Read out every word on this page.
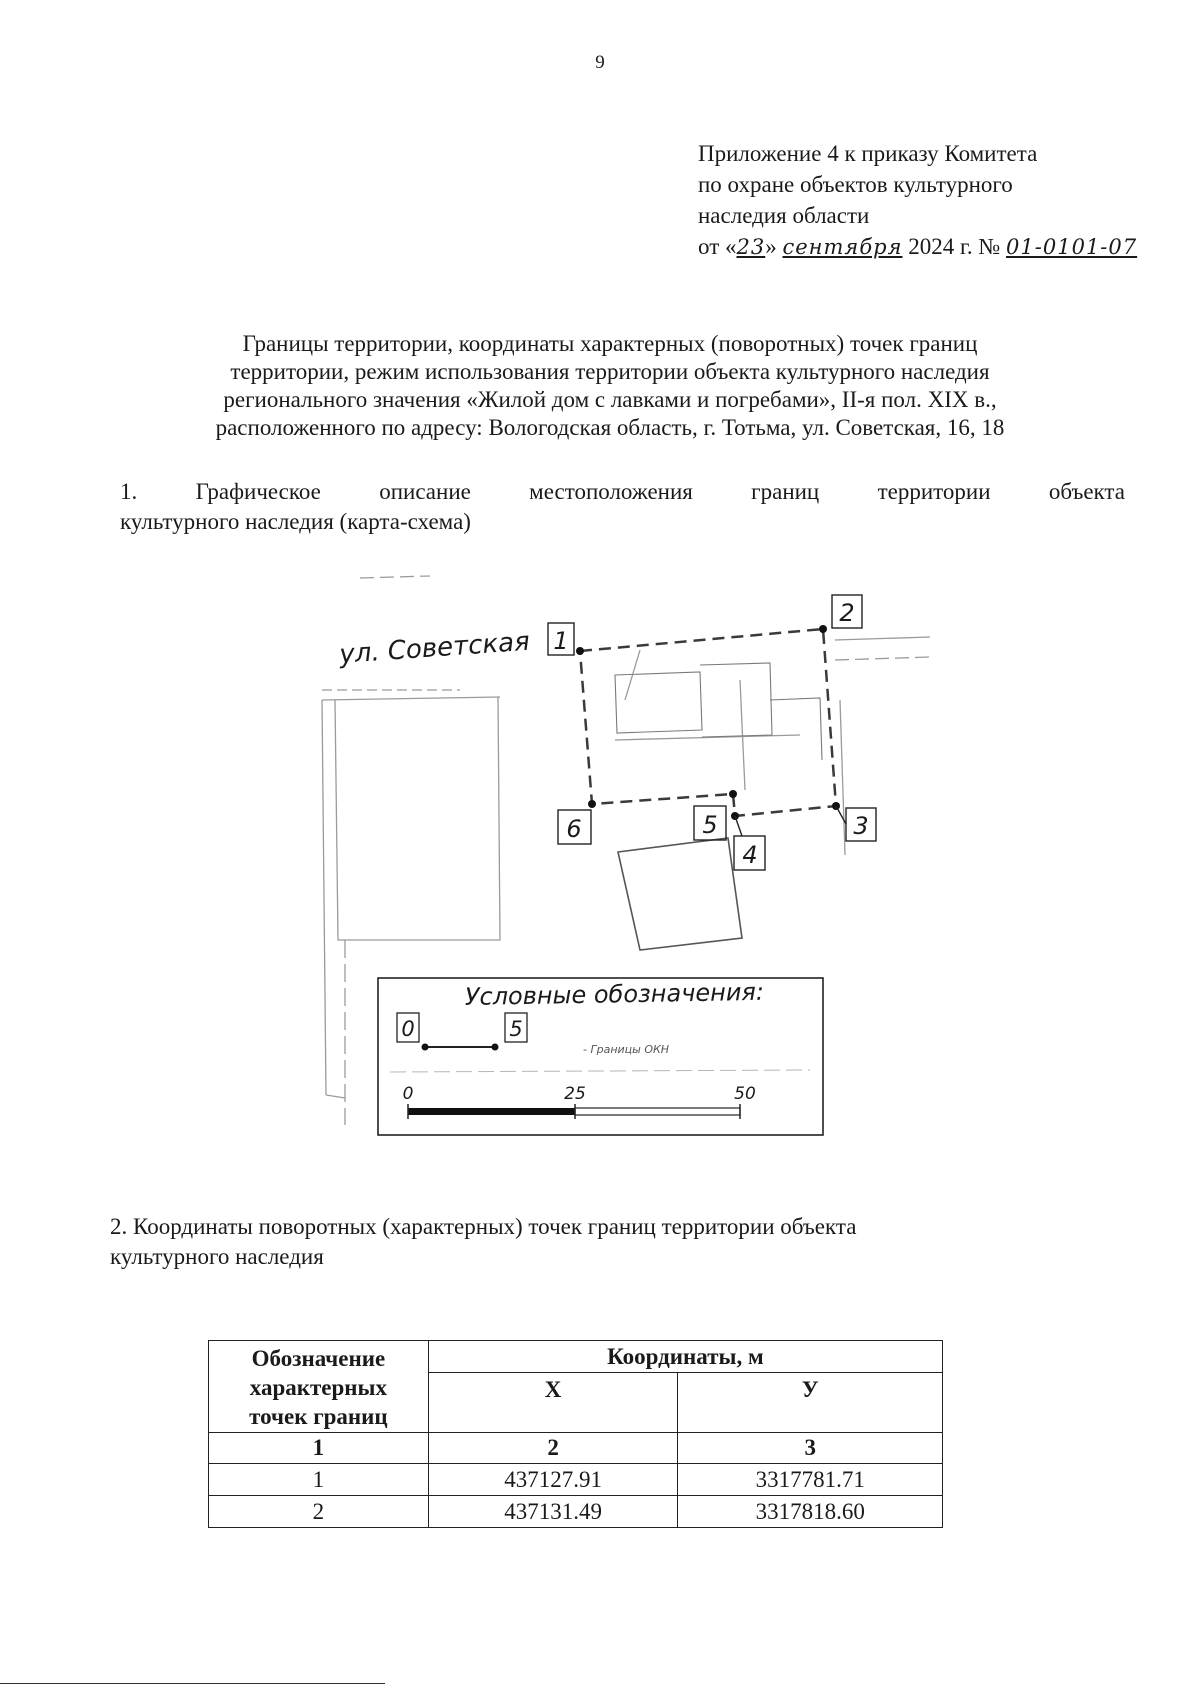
9
Приложение 4 к приказу Комитета
по охране объектов культурного
наследия области
от «23» сентября 2024 г. № 01-0101-07
Границы территории, координаты характерных (поворотных) точек границ
территории, режим использования территории объекта культурного наследия
регионального значения «Жилой дом с лавками и погребами», II-я пол. XIX в.,
расположенного по адресу: Вологодская область, г. Тотьма, ул. Советская, 16, 18
1.	Графическое	описание	местоположения	границ	территории	объекта
культурного наследия (карта-схема)
ул. Советская 1
2
3
4
5
6
Условные обозначения:
0	5
- Границы ОКН
0	25	50
2. Координаты поворотных (характерных) точек границ территории объекта
культурного наследия
Обозначение
характерных
точек границ	Координаты, м	
	X	У
1	2	3
1	437127.91	3317781.71
2	437131.49	3317818.60
